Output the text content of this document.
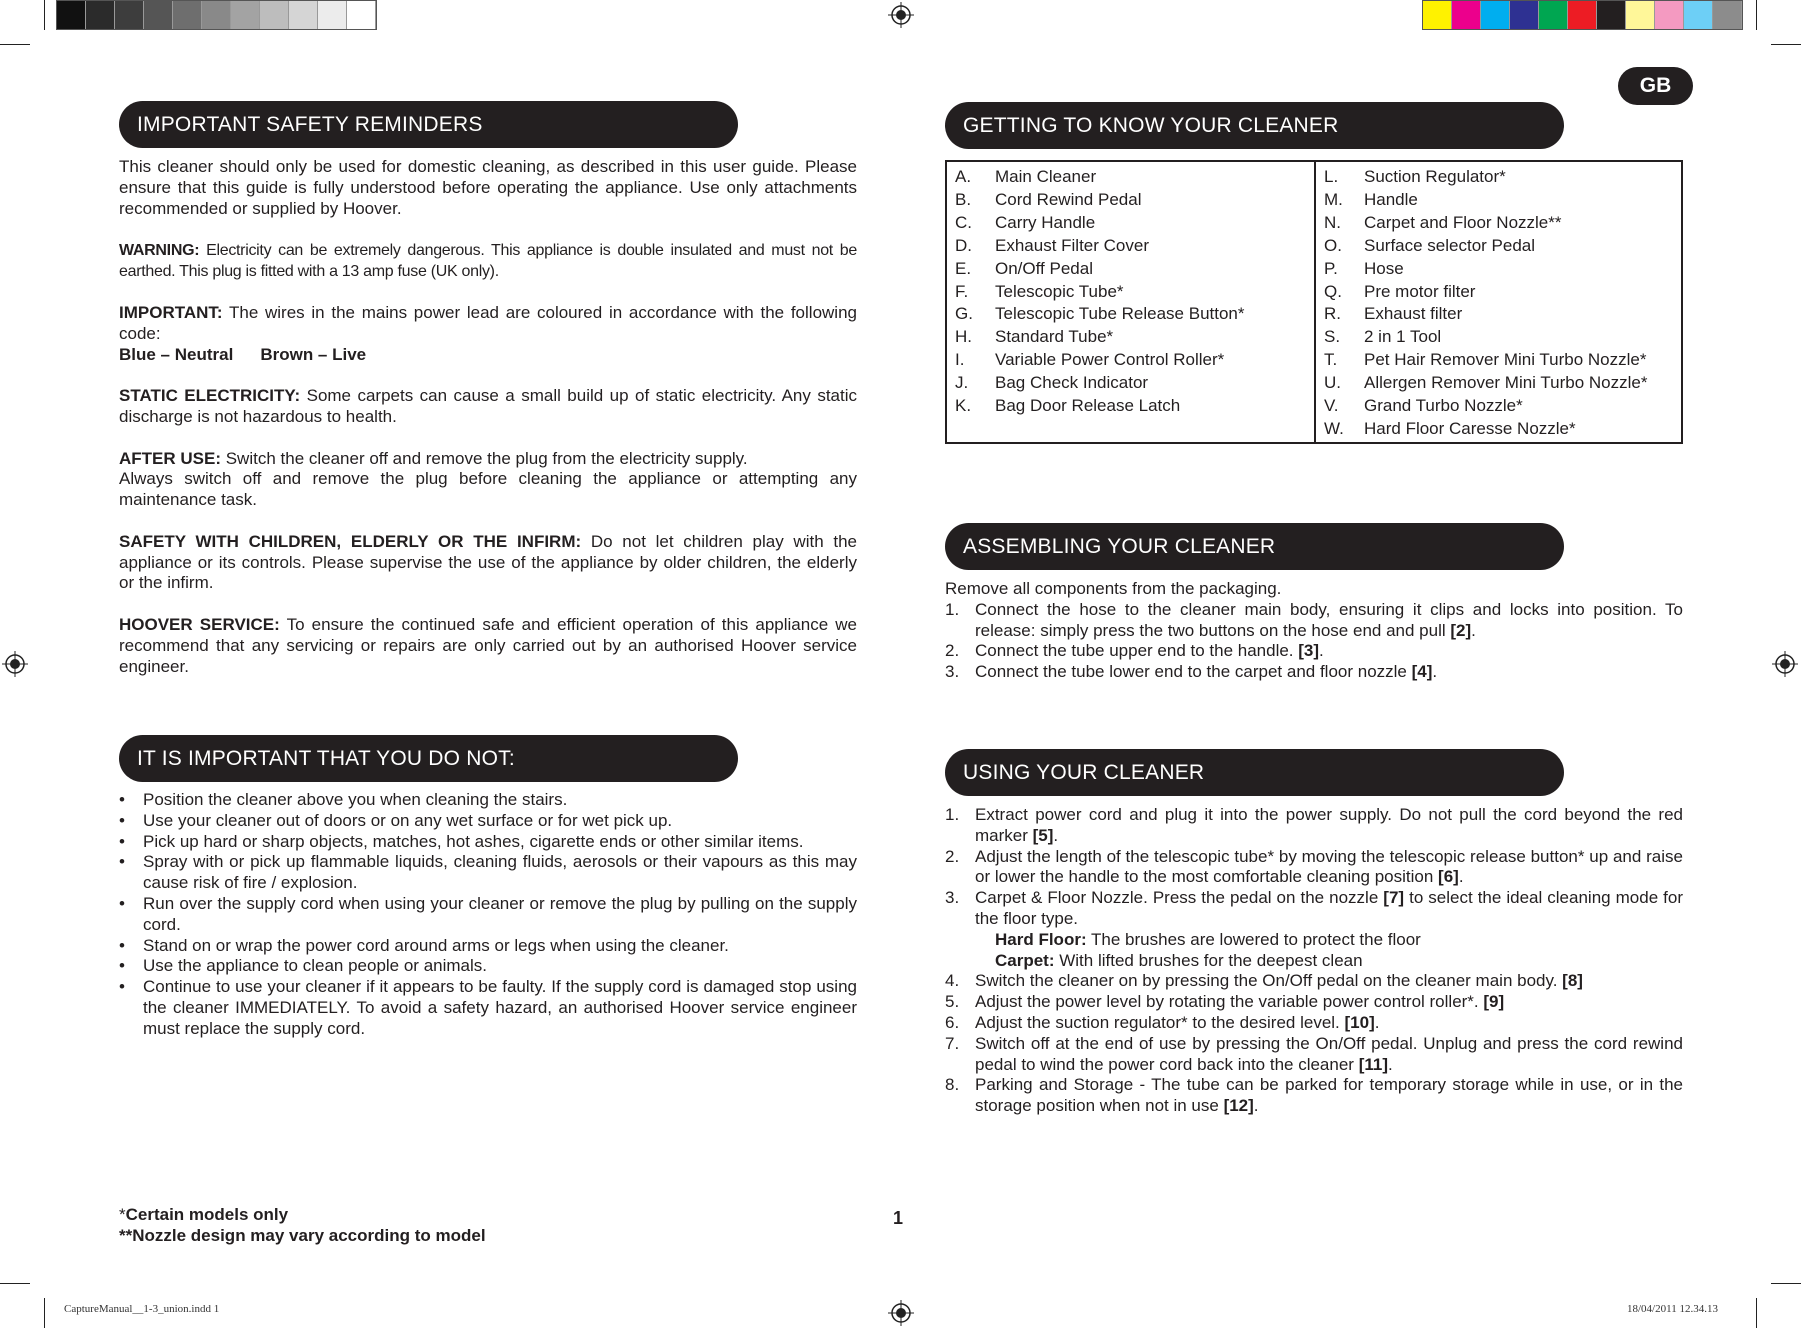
GB
IMPORTANT SAFETY REMINDERS

This cleaner should only be used for domestic cleaning, as described in this user guide. Please ensure that this guide is fully understood before operating the appliance. Use only attachments recommended or supplied by Hoover.

WARNING: Electricity can be extremely dangerous. This appliance is double insulated and must not be earthed. This plug is fitted with a 13 amp fuse (UK only).

IMPORTANT: The wires in the mains power lead are coloured in accordance with the following code:

Blue – Neutral Brown – Live

STATIC ELECTRICITY: Some carpets can cause a small build up of static electricity. Any static discharge is not hazardous to health.

AFTER USE: Switch the cleaner off and remove the plug from the electricity supply.

Always switch off and remove the plug before cleaning the appliance or attempting any maintenance task.

SAFETY WITH CHILDREN, ELDERLY OR THE INFIRM: Do not let children play with the appliance or its controls. Please supervise the use of the appliance by older children, the elderly or the infirm.

HOOVER SERVICE: To ensure the continued safe and efficient operation of this appliance we recommend that any servicing or repairs are only carried out by an authorised Hoover service engineer.

IT IS IMPORTANT THAT YOU DO NOT:
• Position the cleaner above you when cleaning the stairs.
• Use your cleaner out of doors or on any wet surface or for wet pick up.
• Pick up hard or sharp objects, matches, hot ashes, cigarette ends or other similar items.
• Spray with or pick up flammable liquids, cleaning fluids, aerosols or their vapours as this may cause risk of fire / explosion.
• Run over the supply cord when using your cleaner or remove the plug by pulling on the supply cord.
• Stand on or wrap the power cord around arms or legs when using the cleaner.
• Use the appliance to clean people or animals.
• Continue to use your cleaner if it appears to be faulty. If the supply cord is damaged stop using the cleaner IMMEDIATELY. To avoid a safety hazard, an authorised Hoover service engineer must replace the supply cord.
GETTING TO KNOW YOUR CLEANER
A.	Main Cleaner
B.	Cord Rewind Pedal
C.	Carry Handle
D.	Exhaust Filter Cover
E.	On/Off Pedal
F.	Telescopic Tube*
G.	Telescopic Tube Release Button*
H.	Standard Tube*
I.	Variable Power Control Roller*
J.	Bag Check Indicator
K.	Bag Door Release Latch
L.	Suction Regulator*
M.	Handle
N.	Carpet and Floor Nozzle**
O.	Surface selector Pedal
P.	Hose
Q.	Pre motor filter
R.	Exhaust filter
S.	2 in 1 Tool
T.	Pet Hair Remover Mini Turbo Nozzle*
U.	Allergen Remover Mini Turbo Nozzle*
V.	Grand Turbo Nozzle*
W.	Hard Floor Caresse Nozzle*
ASSEMBLING YOUR CLEANER
Remove all components from the packaging.
1. Connect the hose to the cleaner main body, ensuring it clips and locks into position. To release: simply press the two buttons on the hose end and pull [2].
2. Connect the tube upper end to the handle. [3].
3. Connect the tube lower end to the carpet and floor nozzle [4].
USING YOUR CLEANER
1. Extract power cord and plug it into the power supply. Do not pull the cord beyond the red marker [5].
2. Adjust the length of the telescopic tube* by moving the telescopic release button* up and raise or lower the handle to the most comfortable cleaning position [6].
3. Carpet & Floor Nozzle. Press the pedal on the nozzle [7] to select the ideal cleaning mode for the floor type.
Hard Floor: The brushes are lowered to protect the floor
Carpet: With lifted brushes for the deepest clean
4. Switch the cleaner on by pressing the On/Off pedal on the cleaner main body. [8]
5. Adjust the power level by rotating the variable power control roller*. [9]
6. Adjust the suction regulator* to the desired level. [10].
7. Switch off at the end of use by pressing the On/Off pedal. Unplug and press the cord rewind pedal to wind the power cord back into the cleaner [11].
8. Parking and Storage - The tube can be parked for temporary storage while in use, or in the storage position when not in use [12].
*Certain models only
**Nozzle design may vary according to model
1
CaptureManual__1-3_union.indd 1	18/04/2011 12.34.13
